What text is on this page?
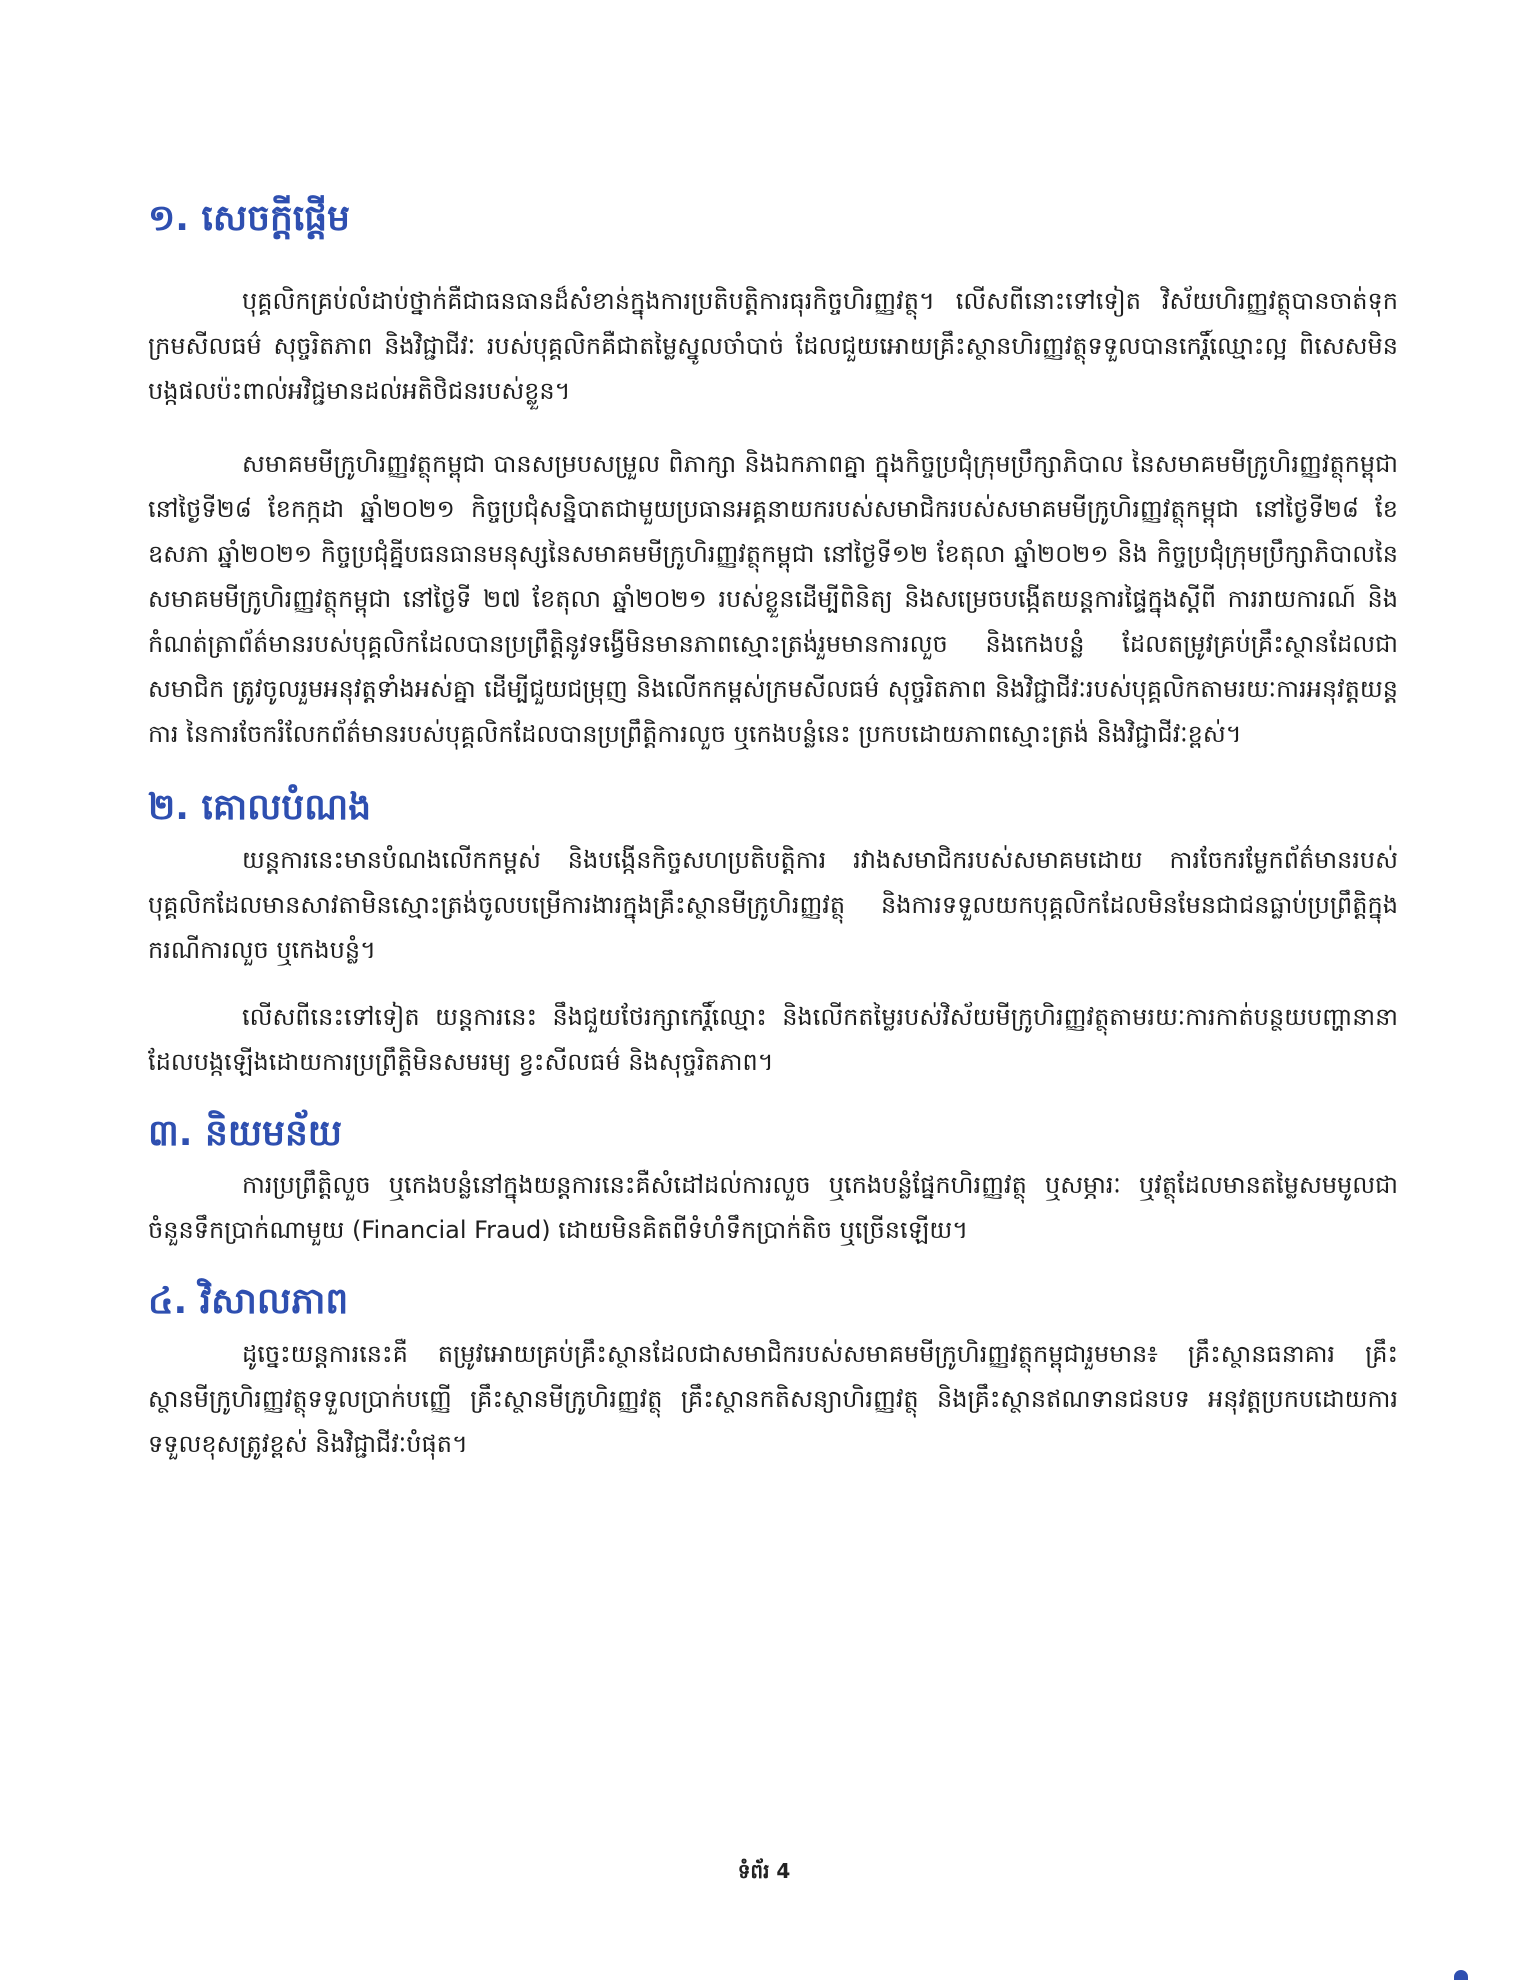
១. សេចក្តីផ្តើម

បុគ្គលិកគ្រប់លំដាប់ថ្នាក់គឺជាធនធានដ៏សំខាន់ក្នុងការប្រតិបត្តិការធុរកិច្ចហិរញ្ញវត្ថុ។ លើសពីនោះទៅទៀត វិស័យហិរញ្ញវត្ថុបានចាត់ទុក ក្រមសីលធម៌ សុច្ចរិតភាព និងវិជ្ជាជីវៈ របស់បុគ្គលិកគឺជាតម្លៃស្នូលចាំបាច់ ដែលជួយអោយគ្រឹះស្ថានហិរញ្ញវត្ថុទទួលបានកេរ្តិ៍ឈ្មោះល្អ ពិសេសមិនបង្កផលប៉ះពាល់អវិជ្ជមានដល់អតិថិជនរបស់ខ្លួន។

សមាគមមីក្រូហិរញ្ញវត្ថុកម្ពុជា បានសម្របសម្រួល ពិភាក្សា និងឯកភាពគ្នា ក្នុងកិច្ចប្រជុំក្រុមប្រឹក្សាភិបាល នៃសមាគមមីក្រូហិរញ្ញវត្ថុកម្ពុជានៅថ្ងៃទី២៨ ខែកក្កដា ឆ្នាំ២០២១ កិច្ចប្រជុំសន្និបាតជាមួយប្រធានអគ្គនាយករបស់សមាជិករបស់សមាគមមីក្រូហិរញ្ញវត្ថុកម្ពុជា នៅថ្ងៃទី២៨ ខែឧសភា ឆ្នាំ២០២១ កិច្ចប្រជុំគ្នីបធនធានមនុស្សនៃសមាគមមីក្រូហិរញ្ញវត្ថុកម្ពុជា នៅថ្ងៃទី១២ ខែតុលា ឆ្នាំ២០២១ និង កិច្ចប្រជុំក្រុមប្រឹក្សាភិបាលនៃសមាគមមីក្រូហិរញ្ញវត្ថុកម្ពុជា នៅថ្ងៃទី ២៧ ខែតុលា ឆ្នាំ២០២១ របស់ខ្លួនដើម្បីពិនិត្យ និងសម្រេចបង្កើតយន្តការផ្ទៃក្នុងស្តីពី ការរាយការណ៍ និងកំណត់ត្រាព័ត៌មានរបស់បុគ្គលិកដែលបានប្រព្រឹត្តិនូវទង្វើមិនមានភាពស្មោះត្រង់រួមមានការលួច និងកេងបន្លំ ដែលតម្រូវគ្រប់គ្រឹះស្ថានដែលជាសមាជិក ត្រូវចូលរួមអនុវត្តទាំងអស់គ្នា ដើម្បីជួយជម្រុញ និងលើកកម្ពស់ក្រមសីលធម៌ សុច្ចរិតភាព និងវិជ្ជាជីវៈរបស់បុគ្គលិកតាមរយៈការអនុវត្តយន្តការ នៃការចែករំលែកព័ត៌មានរបស់បុគ្គលិកដែលបានប្រព្រឹត្តិការលួច ឬកេងបន្លំនេះ ប្រកបដោយភាពស្មោះត្រង់ និងវិជ្ជាជីវៈខ្ពស់។

២. គោលបំណង

យន្តការនេះមានបំណងលើកកម្ពស់ និងបង្កើនកិច្ចសហប្រតិបត្តិការ រវាងសមាជិករបស់សមាគមដោយ ការចែករម្លែកព័ត៌មានរបស់បុគ្គលិកដែលមានសាវតាមិនស្មោះត្រង់ចូលបម្រើការងារក្នុងគ្រឹះស្ថានមីក្រូហិរញ្ញវត្ថុ និងការទទួលយកបុគ្គលិកដែលមិនមែនជាជនធ្លាប់ប្រព្រឹត្តិក្នុងករណីការលួច ឬកេងបន្លំ។

លើសពីនេះទៅទៀត យន្តការនេះ នឹងជួយថែរក្សាកេរ្តិ៍ឈ្មោះ និងលើកតម្លៃរបស់វិស័យមីក្រូហិរញ្ញវត្ថុតាមរយៈការកាត់បន្ថយបញ្ហានានាដែលបង្កឡើងដោយការប្រព្រឹត្តិមិនសមរម្យ ខ្វះសីលធម៌ និងសុច្ចរិតភាព។

៣. និយមន័យ

ការប្រព្រឹត្តិលួច ឬកេងបន្លំនៅក្នុងយន្តការនេះគឺសំដៅដល់ការលួច ឬកេងបន្លំផ្នែកហិរញ្ញវត្ថុ ឬសម្ភារៈ ឬវត្ថុដែលមានតម្លៃសមមូលជាចំនួនទឹកប្រាក់ណាមួយ (Financial Fraud) ដោយមិនគិតពីទំហំទឹកប្រាក់តិច ឬច្រើនឡើយ។

៤. វិសាលភាព

ដូច្នេះយន្តការនេះគឺ តម្រូវអោយគ្រប់គ្រឹះស្ថានដែលជាសមាជិករបស់សមាគមមីក្រូហិរញ្ញវត្ថុកម្ពុជារួមមាន៖ គ្រឹះស្ថានធនាគារ គ្រឹះស្ថានមីក្រូហិរញ្ញវត្ថុទទួលប្រាក់បញ្ញើ គ្រឹះស្ថានមីក្រូហិរញ្ញវត្ថុ គ្រឹះស្ថានកតិសន្យាហិរញ្ញវត្ថុ និងគ្រឹះស្ថានឥណទានជនបទ អនុវត្តប្រកបដោយការទទួលខុសត្រូវខ្ពស់ និងវិជ្ជាជីវៈបំផុត។

ទំព័រ 4
